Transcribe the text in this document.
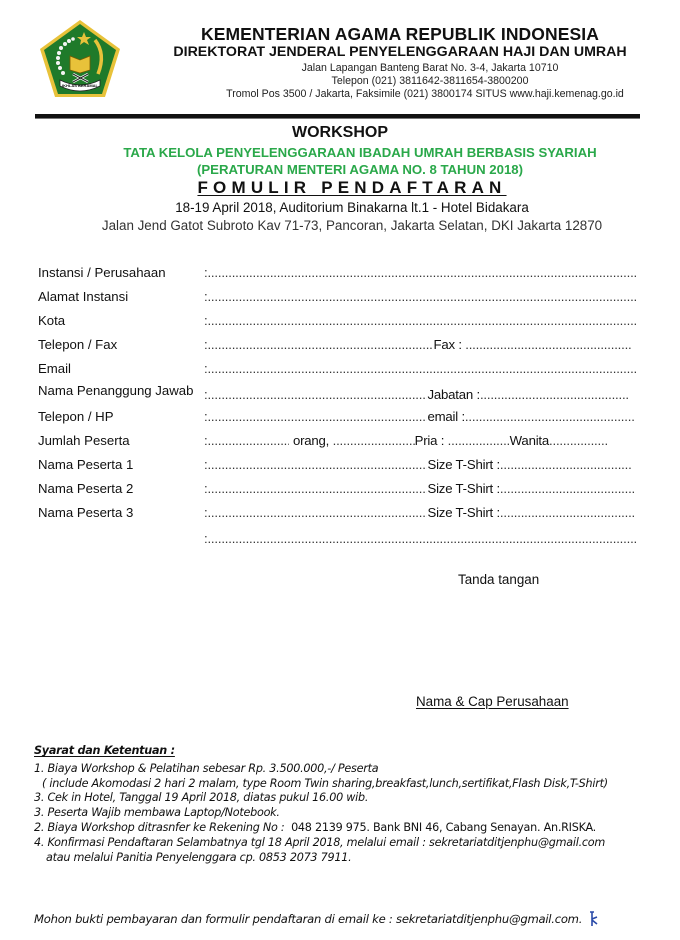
IKHLAS BERAMAL
KEMENTERIAN AGAMA REPUBLIK INDONESIA
DIREKTORAT JENDERAL PENYELENGGARAAN HAJI DAN UMRAH
Jalan Lapangan Banteng Barat No. 3-4, Jakarta 10710
Telepon (021) 3811642-3811654-3800200
Tromol Pos 3500 / Jakarta, Faksimile (021) 3800174 SITUS www.haji.kemenag.go.id
WORKSHOP
TATA KELOLA PENYELENGGARAAN IBADAH UMRAH BERBASIS SYARIAH
(PERATURAN MENTERI AGAMA NO. 8 TAHUN 2018)
FOMULIR PENDAFTARAN
18-19 April 2018, Auditorium Binakarna lt.1 - Hotel Bidakara
Jalan Jend Gatot Subroto Kav 71-73, Pancoran, Jakarta Selatan, DKI Jakarta 12870
Instansi / Perusahaan	:.....
Alamat Instansi	:.....
Kota	:.....
Telepon / Fax	: .....	Fax : .....
Email	:.....
Nama Penanggung Jawab : .....	Jabatan :.....
Telepon / HP	: .....	email :.....
Jumlah Peserta	: .....	orang, .....	Pria : .....	Wanita.....
Nama Peserta 1	: .....	Size T-Shirt :.....
Nama Peserta 2	: .....	Size T-Shirt :.....
Nama Peserta 3	: .....	Size T-Shirt :.....
:.....
Tanda tangan
Nama & Cap Perusahaan
Syarat dan Ketentuan :
1. Biaya Workshop & Pelatihan sebesar Rp. 3.500.000,-/ Peserta
( include Akomodasi 2 hari 2 malam, type Room Twin sharing,breakfast,lunch,sertifikat,Flash Disk,T-Shirt)
3. Cek in Hotel, Tanggal 19 April 2018, diatas pukul 16.00 wib.
3. Peserta Wajib membawa Laptop/Notebook.
2. Biaya Workshop ditrasnfer ke Rekening No : 048 2139 975. Bank BNI 46, Cabang Senayan. An.RISKA.
4. Konfirmasi Pendaftaran Selambatnya tgl 18 April 2018, melalui email : sekretariatditjenphu@gmail.com
atau melalui Panitia Penyelenggara cp. 0853 2073 7911.
Mohon bukti pembayaran dan formulir pendaftaran di email ke : sekretariatditjenphu@gmail.com.
